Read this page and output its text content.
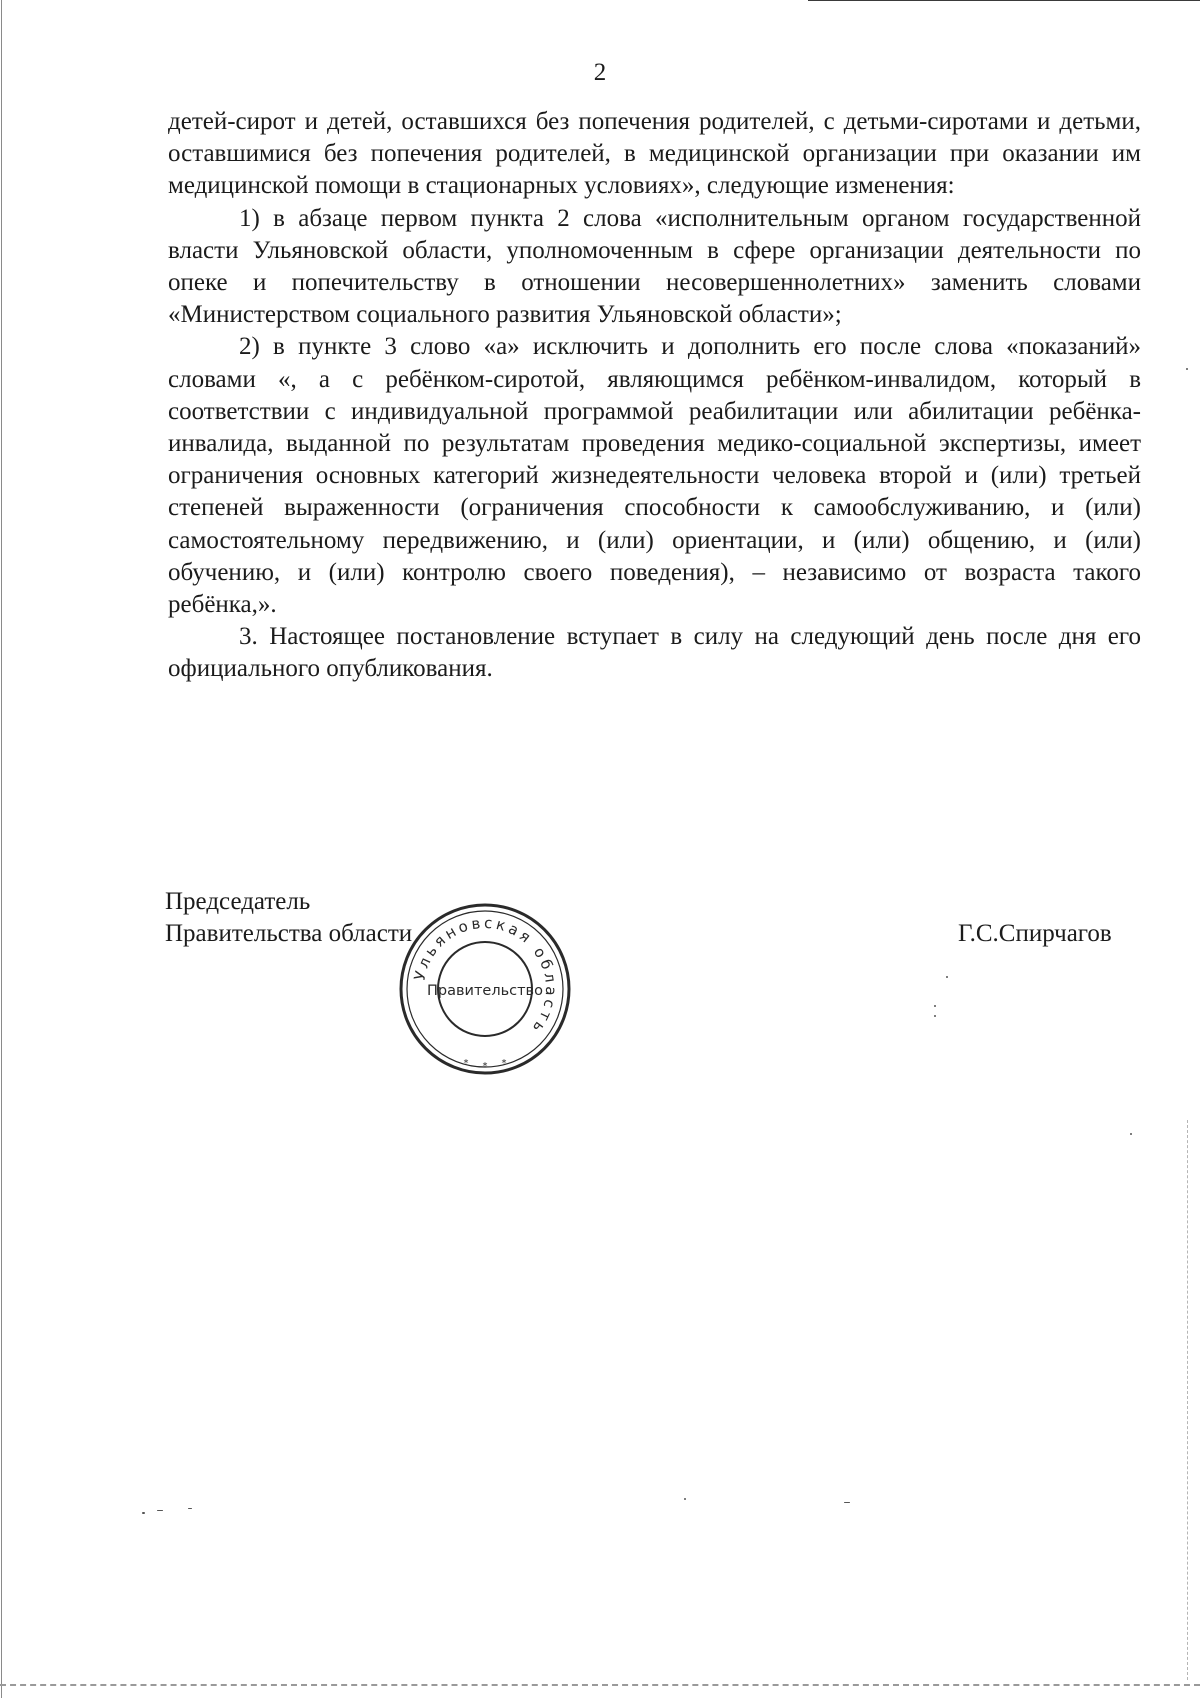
2

детей-сирот и детей, оставшихся без попечения родителей, с детьми-сиротами и детьми, оставшимися без попечения родителей, в медицинской организации при оказании им медицинской помощи в стационарных условиях», следующие изменения:

1) в абзаце первом пункта 2 слова «исполнительным органом государственной власти Ульяновской области, уполномоченным в сфере организации деятельности по опеке и попечительству в отношении несовершеннолетних» заменить словами «Министерством социального развития Ульяновской области»;

2) в пункте 3 слово «а» исключить и дополнить его после слова «показаний» словами «, а с ребёнком-сиротой, являющимся ребёнком-инвалидом, который в соответствии с индивидуальной программой реабилитации или абилитации ребёнка-инвалида, выданной по результатам проведения медико-социальной экспертизы, имеет ограничения основных категорий жизнедеятельности человека второй и (или) третьей степеней выраженности (ограничения способности к самообслуживанию, и (или) самостоятельному передвижению, и (или) ориентации, и (или) общению, и (или) обучению, и (или) контролю своего поведения), – независимо от возраста такого ребёнка,».

3. Настоящее постановление вступает в силу на следующий день после дня его официального опубликования.

Председатель
Правительства области	Г.С.Спирчагов
Ульяновская область
Правительство
* * *
